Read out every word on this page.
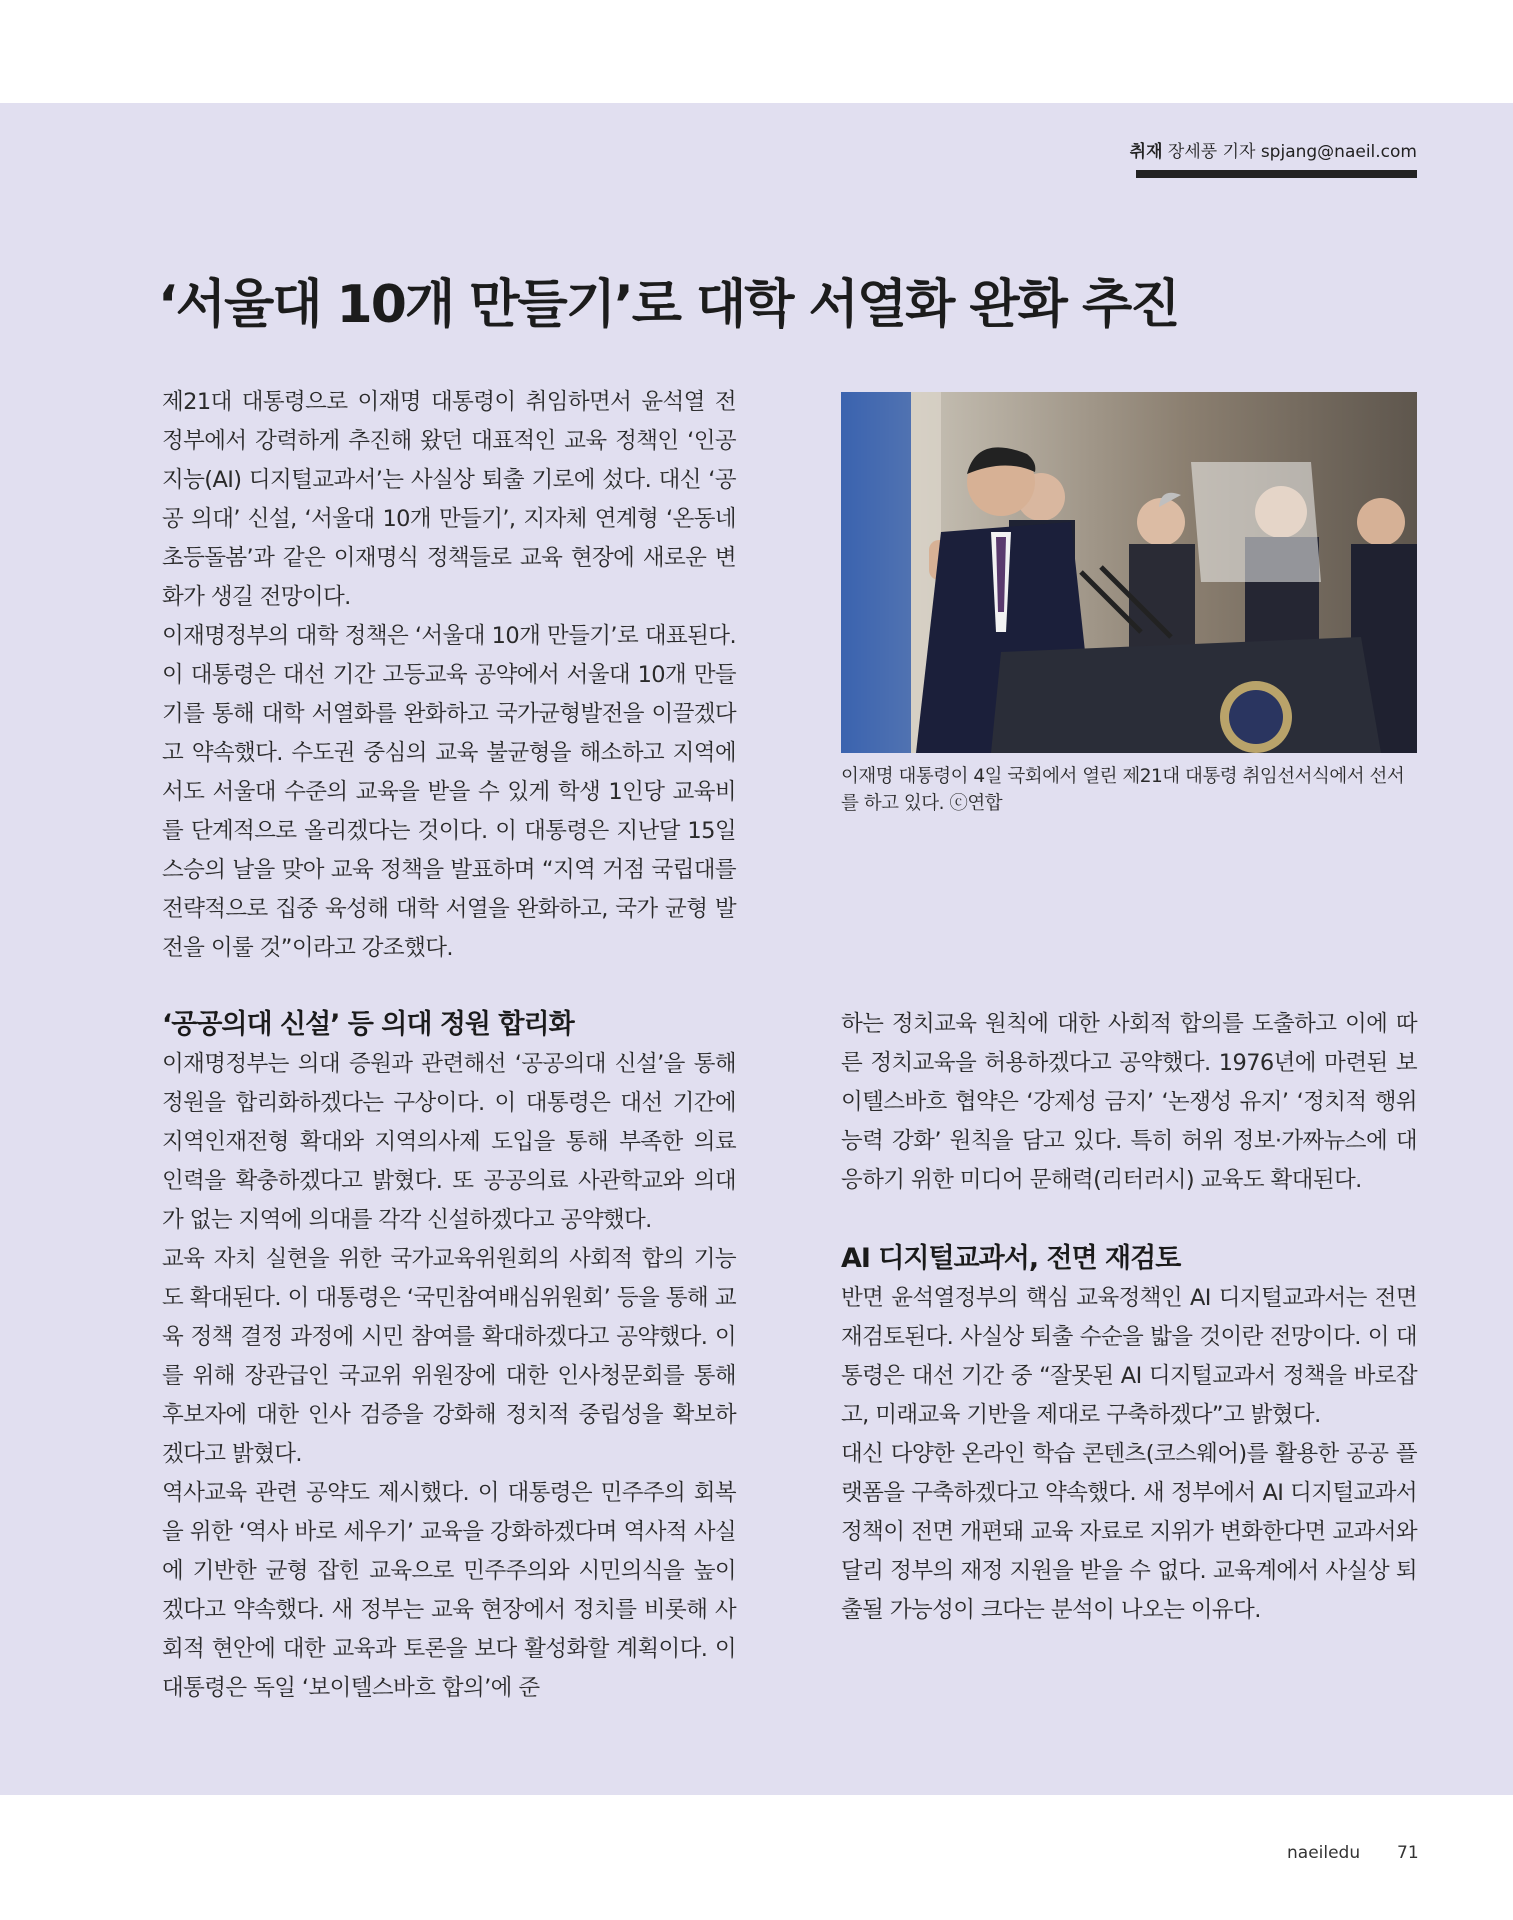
취재 장세풍 기자 spjang@naeil.com
‘서울대 10개 만들기’로 대학 서열화 완화 추진

제21대 대통령으로 이재명 대통령이 취임하면서 윤석열 전 정부에서 강력하게 추진해 왔던 대표적인 교육 정책인 ‘인공지능(AI) 디지털교과서’는 사실상 퇴출 기로에 섰다. 대신 ‘공공 의대’ 신설, ‘서울대 10개 만들기’, 지자체 연계형 ‘온동네 초등돌봄’과 같은 이재명식 정책들로 교육 현장에 새로운 변화가 생길 전망이다.

이재명정부의 대학 정책은 ‘서울대 10개 만들기’로 대표된다. 이 대통령은 대선 기간 고등교육 공약에서 서울대 10개 만들기를 통해 대학 서열화를 완화하고 국가균형발전을 이끌겠다고 약속했다. 수도권 중심의 교육 불균형을 해소하고 지역에서도 서울대 수준의 교육을 받을 수 있게 학생 1인당 교육비를 단계적으로 올리겠다는 것이다. 이 대통령은 지난달 15일 스승의 날을 맞아 교육 정책을 발표하며 “지역 거점 국립대를 전략적으로 집중 육성해 대학 서열을 완화하고, 국가 균형 발전을 이룰 것”이라고 강조했다.

이재명 대통령이 4일 국회에서 열린 제21대 대통령 취임선서식에서 선서를 하고 있다. ⓒ연합
‘공공의대 신설’ 등 의대 정원 합리화

이재명정부는 의대 증원과 관련해선 ‘공공의대 신설’을 통해 정원을 합리화하겠다는 구상이다. 이 대통령은 대선 기간에 지역인재전형 확대와 지역의사제 도입을 통해 부족한 의료 인력을 확충하겠다고 밝혔다. 또 공공의료 사관학교와 의대가 없는 지역에 의대를 각각 신설하겠다고 공약했다.

교육 자치 실현을 위한 국가교육위원회의 사회적 합의 기능도 확대된다. 이 대통령은 ‘국민참여배심위원회’ 등을 통해 교육 정책 결정 과정에 시민 참여를 확대하겠다고 공약했다. 이를 위해 장관급인 국교위 위원장에 대한 인사청문회를 통해 후보자에 대한 인사 검증을 강화해 정치적 중립성을 확보하겠다고 밝혔다.

역사교육 관련 공약도 제시했다. 이 대통령은 민주주의 회복을 위한 ‘역사 바로 세우기’ 교육을 강화하겠다며 역사적 사실에 기반한 균형 잡힌 교육으로 민주주의와 시민의식을 높이겠다고 약속했다. 새 정부는 교육 현장에서 정치를 비롯해 사회적 현안에 대한 교육과 토론을 보다 활성화할 계획이다. 이 대통령은 독일 ‘보이텔스바흐 합의’에 준

하는 정치교육 원칙에 대한 사회적 합의를 도출하고 이에 따른 정치교육을 허용하겠다고 공약했다. 1976년에 마련된 보이텔스바흐 협약은 ‘강제성 금지’ ‘논쟁성 유지’ ‘정치적 행위 능력 강화’ 원칙을 담고 있다. 특히 허위 정보·가짜뉴스에 대응하기 위한 미디어 문해력(리터러시) 교육도 확대된다.

AI 디지털교과서, 전면 재검토

반면 윤석열정부의 핵심 교육정책인 AI 디지털교과서는 전면 재검토된다. 사실상 퇴출 수순을 밟을 것이란 전망이다. 이 대통령은 대선 기간 중 “잘못된 AI 디지털교과서 정책을 바로잡고, 미래교육 기반을 제대로 구축하겠다”고 밝혔다.

대신 다양한 온라인 학습 콘텐츠(코스웨어)를 활용한 공공 플랫폼을 구축하겠다고 약속했다. 새 정부에서 AI 디지털교과서 정책이 전면 개편돼 교육 자료로 지위가 변화한다면 교과서와 달리 정부의 재정 지원을 받을 수 없다. 교육계에서 사실상 퇴출될 가능성이 크다는 분석이 나오는 이유다.

naeiledu 71
